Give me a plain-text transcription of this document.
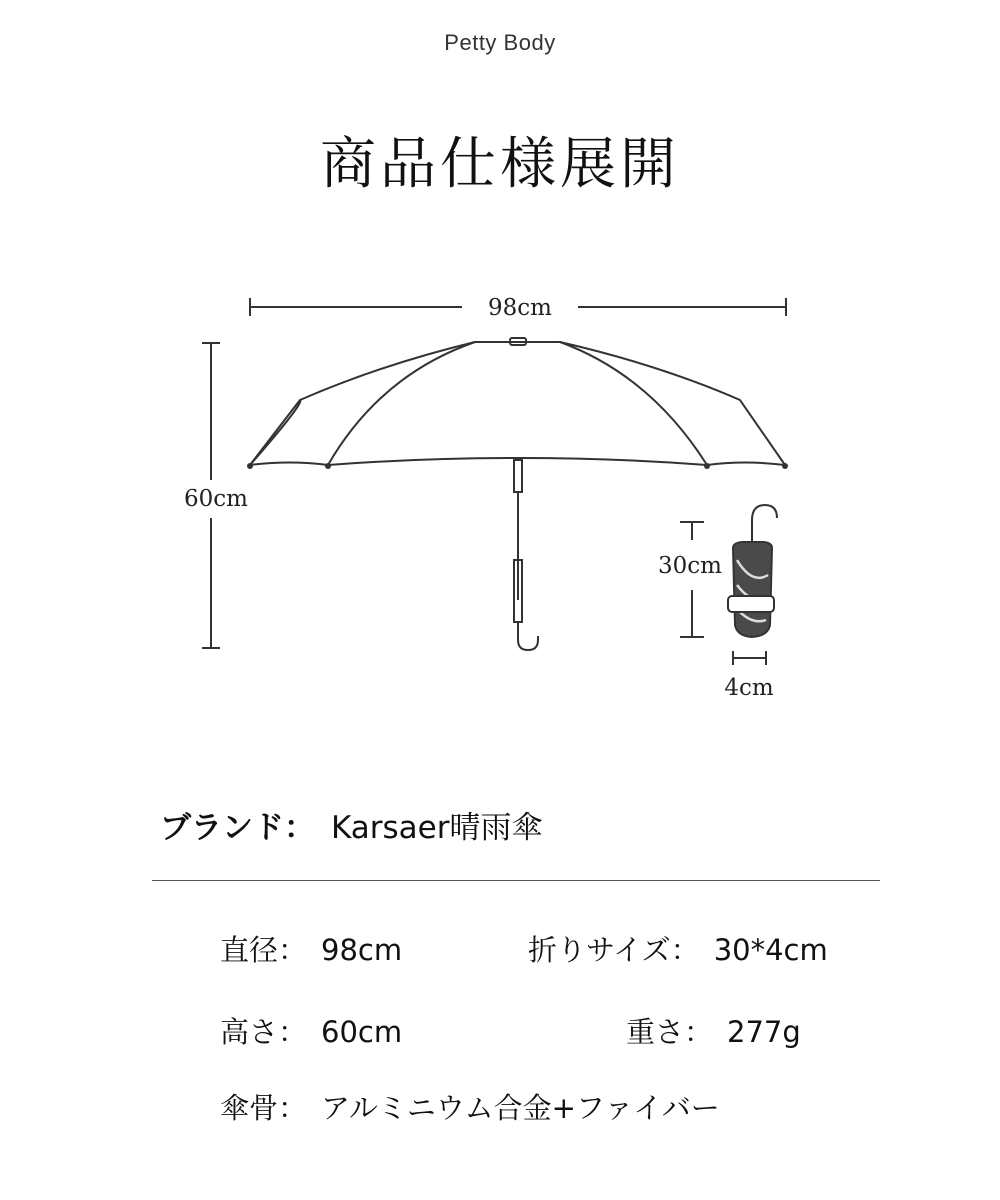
Petty Body
商品仕様展開
98cm
60cm
30cm
4cm
ブランド： Karsaer晴雨傘
直径： 98cm	折りサイズ： 30*4cm
高さ： 60cm	重さ： 277g
傘骨： アルミニウム合金+ファイバー
